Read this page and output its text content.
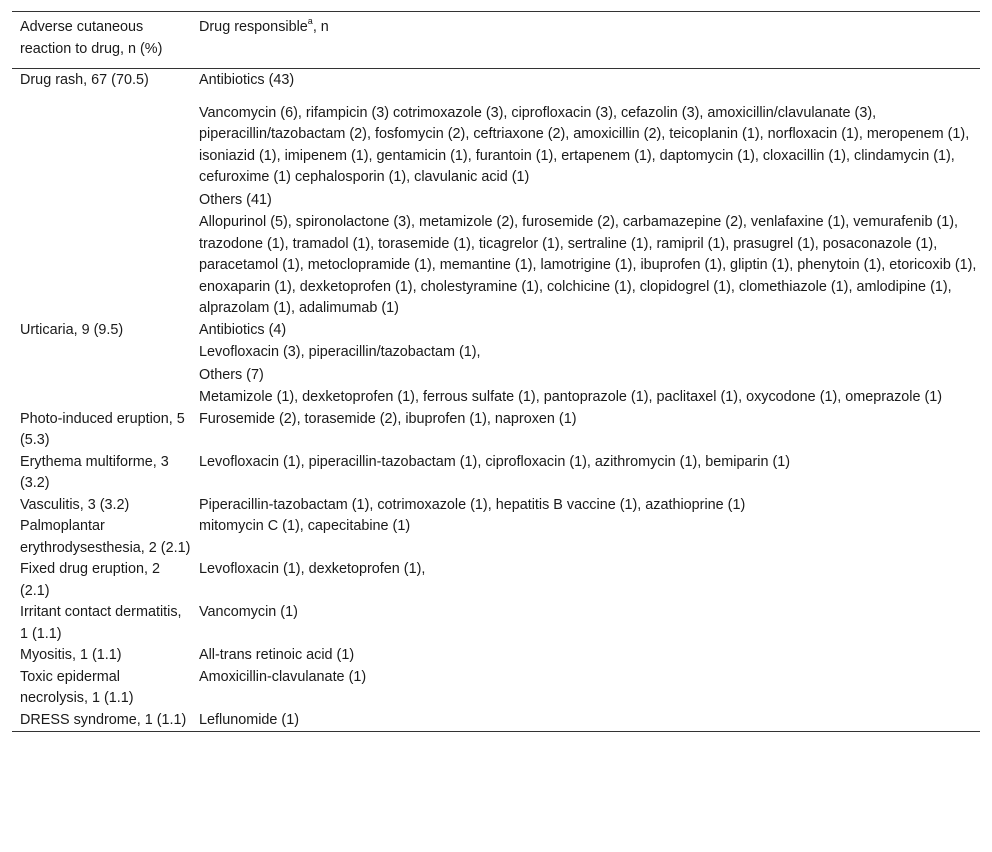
Adverse cutaneous reaction to drug, n (%)	Drug responsible$^a$, n
Drug rash, 67 (70.5)	Antibiotics (43)
Vancomycin (6), rifampicin (3) cotrimoxazole (3), ciprofloxacin (3), cefazolin (3), amoxicillin/clavulanate (3), piperacillin/tazobactam (2), fosfomycin (2), ceftriaxone (2), amoxicillin (2), teicoplanin (1), norfloxacin (1), meropenem (1), isoniazid (1), imipenem (1), gentamicin (1), furantoin (1), ertapenem (1), daptomycin (1), cloxacillin (1), clindamycin (1), cefuroxime (1) cephalosporin (1), clavulanic acid (1)
Others (41)
Allopurinol (5), spironolactone (3), metamizole (2), furosemide (2), carbamazepine (2), venlafaxine (1), vemurafenib (1), trazodone (1), tramadol (1), torasemide (1), ticagrelor (1), sertraline (1), ramipril (1), prasugrel (1), posaconazole (1), paracetamol (1), metoclopramide (1), memantine (1), lamotrigine (1), ibuprofen (1), gliptin (1), phenytoin (1), etoricoxib (1), enoxaparin (1), dexketoprofen (1), cholestyramine (1), colchicine (1), clopidogrel (1), clomethiazole (1), amlodipine (1), alprazolam (1), adalimumab (1)

Urticaria, 9 (9.5)	Antibiotics (4)
Levofloxacin (3), piperacillin/tazobactam (1),
Others (7)
Metamizole (1), dexketoprofen (1), ferrous sulfate (1), pantoprazole (1), paclitaxel (1), oxycodone (1), omeprazole (1)

Photo-induced eruption, 5 (5.3)	Furosemide (2), torasemide (2), ibuprofen (1), naproxen (1)
Erythema multiforme, 3 (3.2)	Levofloxacin (1), piperacillin-tazobactam (1), ciprofloxacin (1), azithromycin (1), bemiparin (1)
Vasculitis, 3 (3.2)	Piperacillin-tazobactam (1), cotrimoxazole (1), hepatitis B vaccine (1), azathioprine (1)
Palmoplantar erythrodysesthesia, 2 (2.1)	mitomycin C (1), capecitabine (1)
Fixed drug eruption, 2 (2.1)	Levofloxacin (1), dexketoprofen (1),
Irritant contact dermatitis, 1 (1.1)	Vancomycin (1)
Myositis, 1 (1.1)	All-trans retinoic acid (1)
Toxic epidermal necrolysis, 1 (1.1)	Amoxicillin-clavulanate (1)
DRESS syndrome, 1 (1.1)	Leflunomide (1)
